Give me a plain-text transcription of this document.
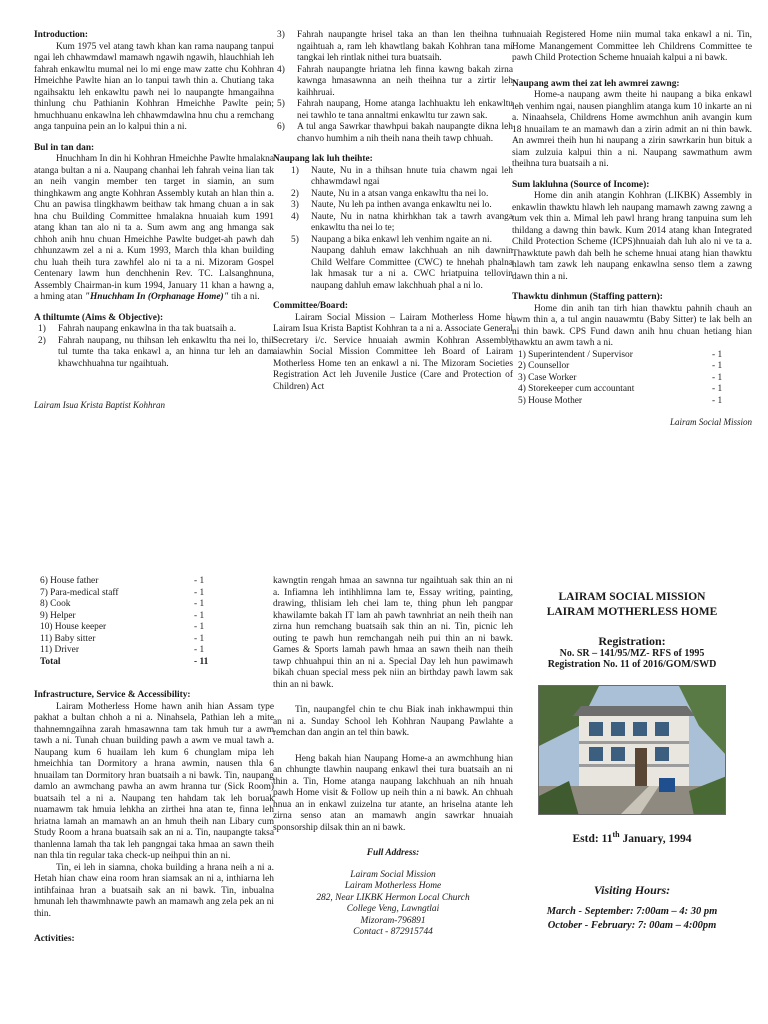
Introduction:

Kum 1975 vel atang tawh khan kan rama naupang tanpui ngai leh chhawmdawl mamawh ngawih ngawih, hlauchhiah leh fahrah enkawltu mumal nei lo mi enge maw zatte chu Kohhran Hmeichhe Pawlte hian an lo tanpui tawh thin a. Chutiang taka ngaihsaktu leh enkawltu pawh nei lo naupangte hmangaihna thinlung chu Pathianin Kohhran Hmeichhe Pawlte pein; hmuchhuanu enkawlna leh chhawmdawlna hnu chu a remchang anga tanpuina pein an lo kalpui thin a ni.

Bul in tan dan:

Hnuchham In din hi Kohhran Hmeichhe Pawlte hmalakna atanga bultan a ni a. Naupang chanhai leh fahrah veina lian tak an neih vangin member ten target in siamin, an sum thinghkawm ang angte Kohhran Assembly kutah an hlan thin a. Chu an pawisa tlingkhawm beithaw tak hmang chuan a in sak hna chu Building Committee hmalakna hnuaiah kum 1991 atang khan tan alo ni ta a. Sum awm ang ang hmanga sak chhoh anih hnu chuan Hmeichhe Pawlte budget-ah pawh dah chhunzawm zel a ni a. Kum 1993, March thla khan building chu luah theih tura zawhfel alo ni ta a ni. Mizoram Gospel Centenary lawm hun denchhenin Rev. TC. Lalsanghnuna, Assembly Chairman-in kum 1994, January 11 khan a hawng a, a hming atan "Hnuchham In (Orphanage Home)" tih a ni.

A thiltumte (Aims & Objective):
1) Fahrah naupang enkawlna in tha tak buatsaih a.
2) Fahrah naupang, nu thihsan leh enkawltu tha nei lo, thil tul tumte tha taka enkawl a, an hinna tur leh an dam khawchhuahna tur ngaihtuah.
Lairam Isua Krista Baptist Kohhran
3) Fahrah naupangte hrisel taka an than len theihna tur ngaihtuah a, ram leh khawtlang bakah Kohhran tana mi tangkai leh rintlak nithei tura buatsaih.
4) Fahrah naupangte hriatna leh finna kawng bakah zirna kawnga hmasawnna an neih theihna tur a zirtir leh kaihhruai.
5) Fahrah naupang, Home atanga lachhuaktu leh enkawltu nei tawhlo te tana annaltmi enkawltu tur zawn sak.
6) A tul anga Sawrkar thawhpui bakah naupangte dikna leh chanvo humhim a nih theih nana theih tawp chhuah.
Naupang lak luh theihte:
1) Naute, Nu in a thihsan hnute tuia chawm ngai leh chhawmdawl ngai
2) Naute, Nu in a atsan vanga enkawltu tha nei lo.
3) Naute, Nu leh pa inthen avanga enkawltu nei lo.
4) Naute, Nu in natna khirhkhan tak a tawrh avanga enkawltu tha nei lo te;
5) Naupang a bika enkawl leh venhim ngaite an ni.

Naupang dahluh emaw lakchhuah an nih dawnin Child Welfare Committee (CWC) te hnehah phalna lak hmasak tur a ni a. CWC hriatpuina tellovin naupang dahluh emaw lakchhuah phal a ni lo.

Committee/Board:

Lairam Social Mission – Lairam Motherless Home hi Lairam Isua Krista Baptist Kohhran ta a ni a. Associate General Secretary i/c. Service hnuaiah awmin Kohhran Assembly aiawhin Social Mission Committee leh Board of Lairam Motherless Home ten an enkawl a ni. The Mizoram Societies Registration Act leh Juvenile Justice (Care and Protection of Children) Act

hnuaiah Registered Home niin mumal taka enkawl a ni. Tin, Home Manangement Committee leh Childrens Committee te pawh Child Protection Scheme hnuaiah kalpui a ni bawk.

Naupang awm thei zat leh awmrei zawng:

Home-a naupang awm theite hi naupang a bika enkawl leh venhim ngai, nausen pianghlim atanga kum 10 inkarte an ni a. Ninaahsela, Childrens Home awmchhun anih avangin kum 18 hnuailam te an mamawh dan a zirin admit an ni thin bawk. An awmrei theih hun hi naupang a zirin sawrkarin hun bituk a siam zulzuia kalpui thin a ni. Naupang sawmathum awm theihna tura buatsaih a ni.

Sum lakluhna (Source of Income):

Home din anih atangin Kohhran (LIKBK) Assembly in enkawlin thawktu hlawh leh naupang mamawh zawng zawng a tum vek thin a. Mimal leh pawl hrang hrang tanpuina sum leh thildang a dawng thin bawk. Kum 2014 atang khan Integrated Child Protection Scheme (ICPS)hnuaiah dah luh alo ni ve ta a. Thawktute pawh dah belh he scheme hnuai atang hian thawktu hlawh tam zawk leh naupang enkawlna senso tlem a zawng dawn thin a ni.

Thawktu dinhmun (Staffing pattern):

Home din anih tan tirh hian thawktu pahnih chauh an awm thin a, a tul angin nauawmtu (Baby Sitter) te lak belh an ni thin bawk. CPS Fund dawn anih hnu chuan hetiang hian thawktu an awm tawh a ni.

1) Superintendent / Supervisor	- 1
2) Counsellor	- 1
3) Case Worker	- 1
4) Storekeeper cum accountant	- 1
5) House Mother	- 1
Lairam Social Mission
6) House father	- 1
7) Para-medical staff	- 1
8) Cook	- 1
9) Helper	- 1
10) House keeper	- 1
11) Baby sitter	- 1
11) Driver	- 1
Total	- 11
Infrastructure, Service & Accessibility:

Lairam Motherless Home hawn anih hian Assam type pakhat a bultan chhoh a ni a. Ninahsela, Pathian leh a mite thahnemngaihna zarah hmasawnna tam tak hmuh tur a awm tawh a ni. Tunah chuan building pawh a awm ve mual tawh a. Naupang kum 6 huailam leh kum 6 chunglam mipa leh hmeichhia tan Dormitory a hrana awmin, nausen thla 6 hnuailam tan Dormitory hran buatsaih a ni bawk. Tin, naupang damlo an awmchang pawha an awm hranna tur (Sick Room) buatsaih tel a ni a. Naupang ten hahdam tak leh boruak nuamawm tak hmuia lehkha an zirthei hna atan te, finna leh hriatna lamah an mamawh an an hmuh theih nan Libary cum Study Room a hrana buatsaih sak an ni a. Tin, naupangte taksa thanlenna lamah tha tak leh pangngai taka hmaa an sawn theih nan thla tin regular taka check-up neihpui thin an ni.

Tin, ei leh in siamna, choka building a hrana neih a ni a. Hetah hian chaw eina room hran siamsak an ni a, inthiarna leh intihfainaa hran a buatsaih sak an ni bawk. Tin, inbualna hmunah leh thawmhnawte pawh an mamawh ang zela pek an ni thin.

Activities:

kawngtin rengah hmaa an sawnna tur ngaihtuah sak thin an ni a. Infiamna leh intihhlimna lam te, Essay writing, painting, drawing, thlisiam leh chei lam te, thing phun leh pangpar khawilamte bakah IT lam ah pawh tawnhriat an neih theih nan zirna hun remchang buatsaih sak thin an ni. Tin, picnic leh outing te pawh hun remchangah neih pui thin an ni bawk. Games & Sports lamah pawh hmaa an sawn theih nan theih tawp chhuahpui thin an ni a. Special Day leh hun pawimawh bikah chuan special mess pek niin an birthday pawh lawm sak thin an ni bawk.

Tin, naupangfel chin te chu Biak inah inkhawmpui thin an ni a. Sunday School leh Kohhran Naupang Pawlahte a remchan dan angin an tel thin bawk.

Heng bakah hian Naupang Home-a an awmchhung hian an chhungte tlawhin naupang enkawl thei tura buatsaih an ni thin a. Tin, Home atanga naupang lakchhuah an nih hnuah pawh Home visit & Follow up neih thin a ni bawk. An chhuah hnua an in enkawl zuizelna tur atante, an hriselna atante leh zirna senso atan an mamawh angin sawrkar hnuaiah sponsorship dilsak thin an ni bawk.

Full Address:
Lairam Social Mission
Lairam Motherless Home
282, Near LIKBK Hermon Local Church
College Veng, Lawngtlai
Mizoram-796891
Contact - 872915744
LAIRAM SOCIAL MISSION
LAIRAM MOTHERLESS HOME
Registration:
No. SR – 141/95/MZ- RFS of 1995
Registration No. 11 of 2016/GOM/SWD
Estd: 11th January, 1994
Visiting Hours:
March - September: 7:00am – 4: 30 pm
October - February: 7: 00am – 4:00pm
